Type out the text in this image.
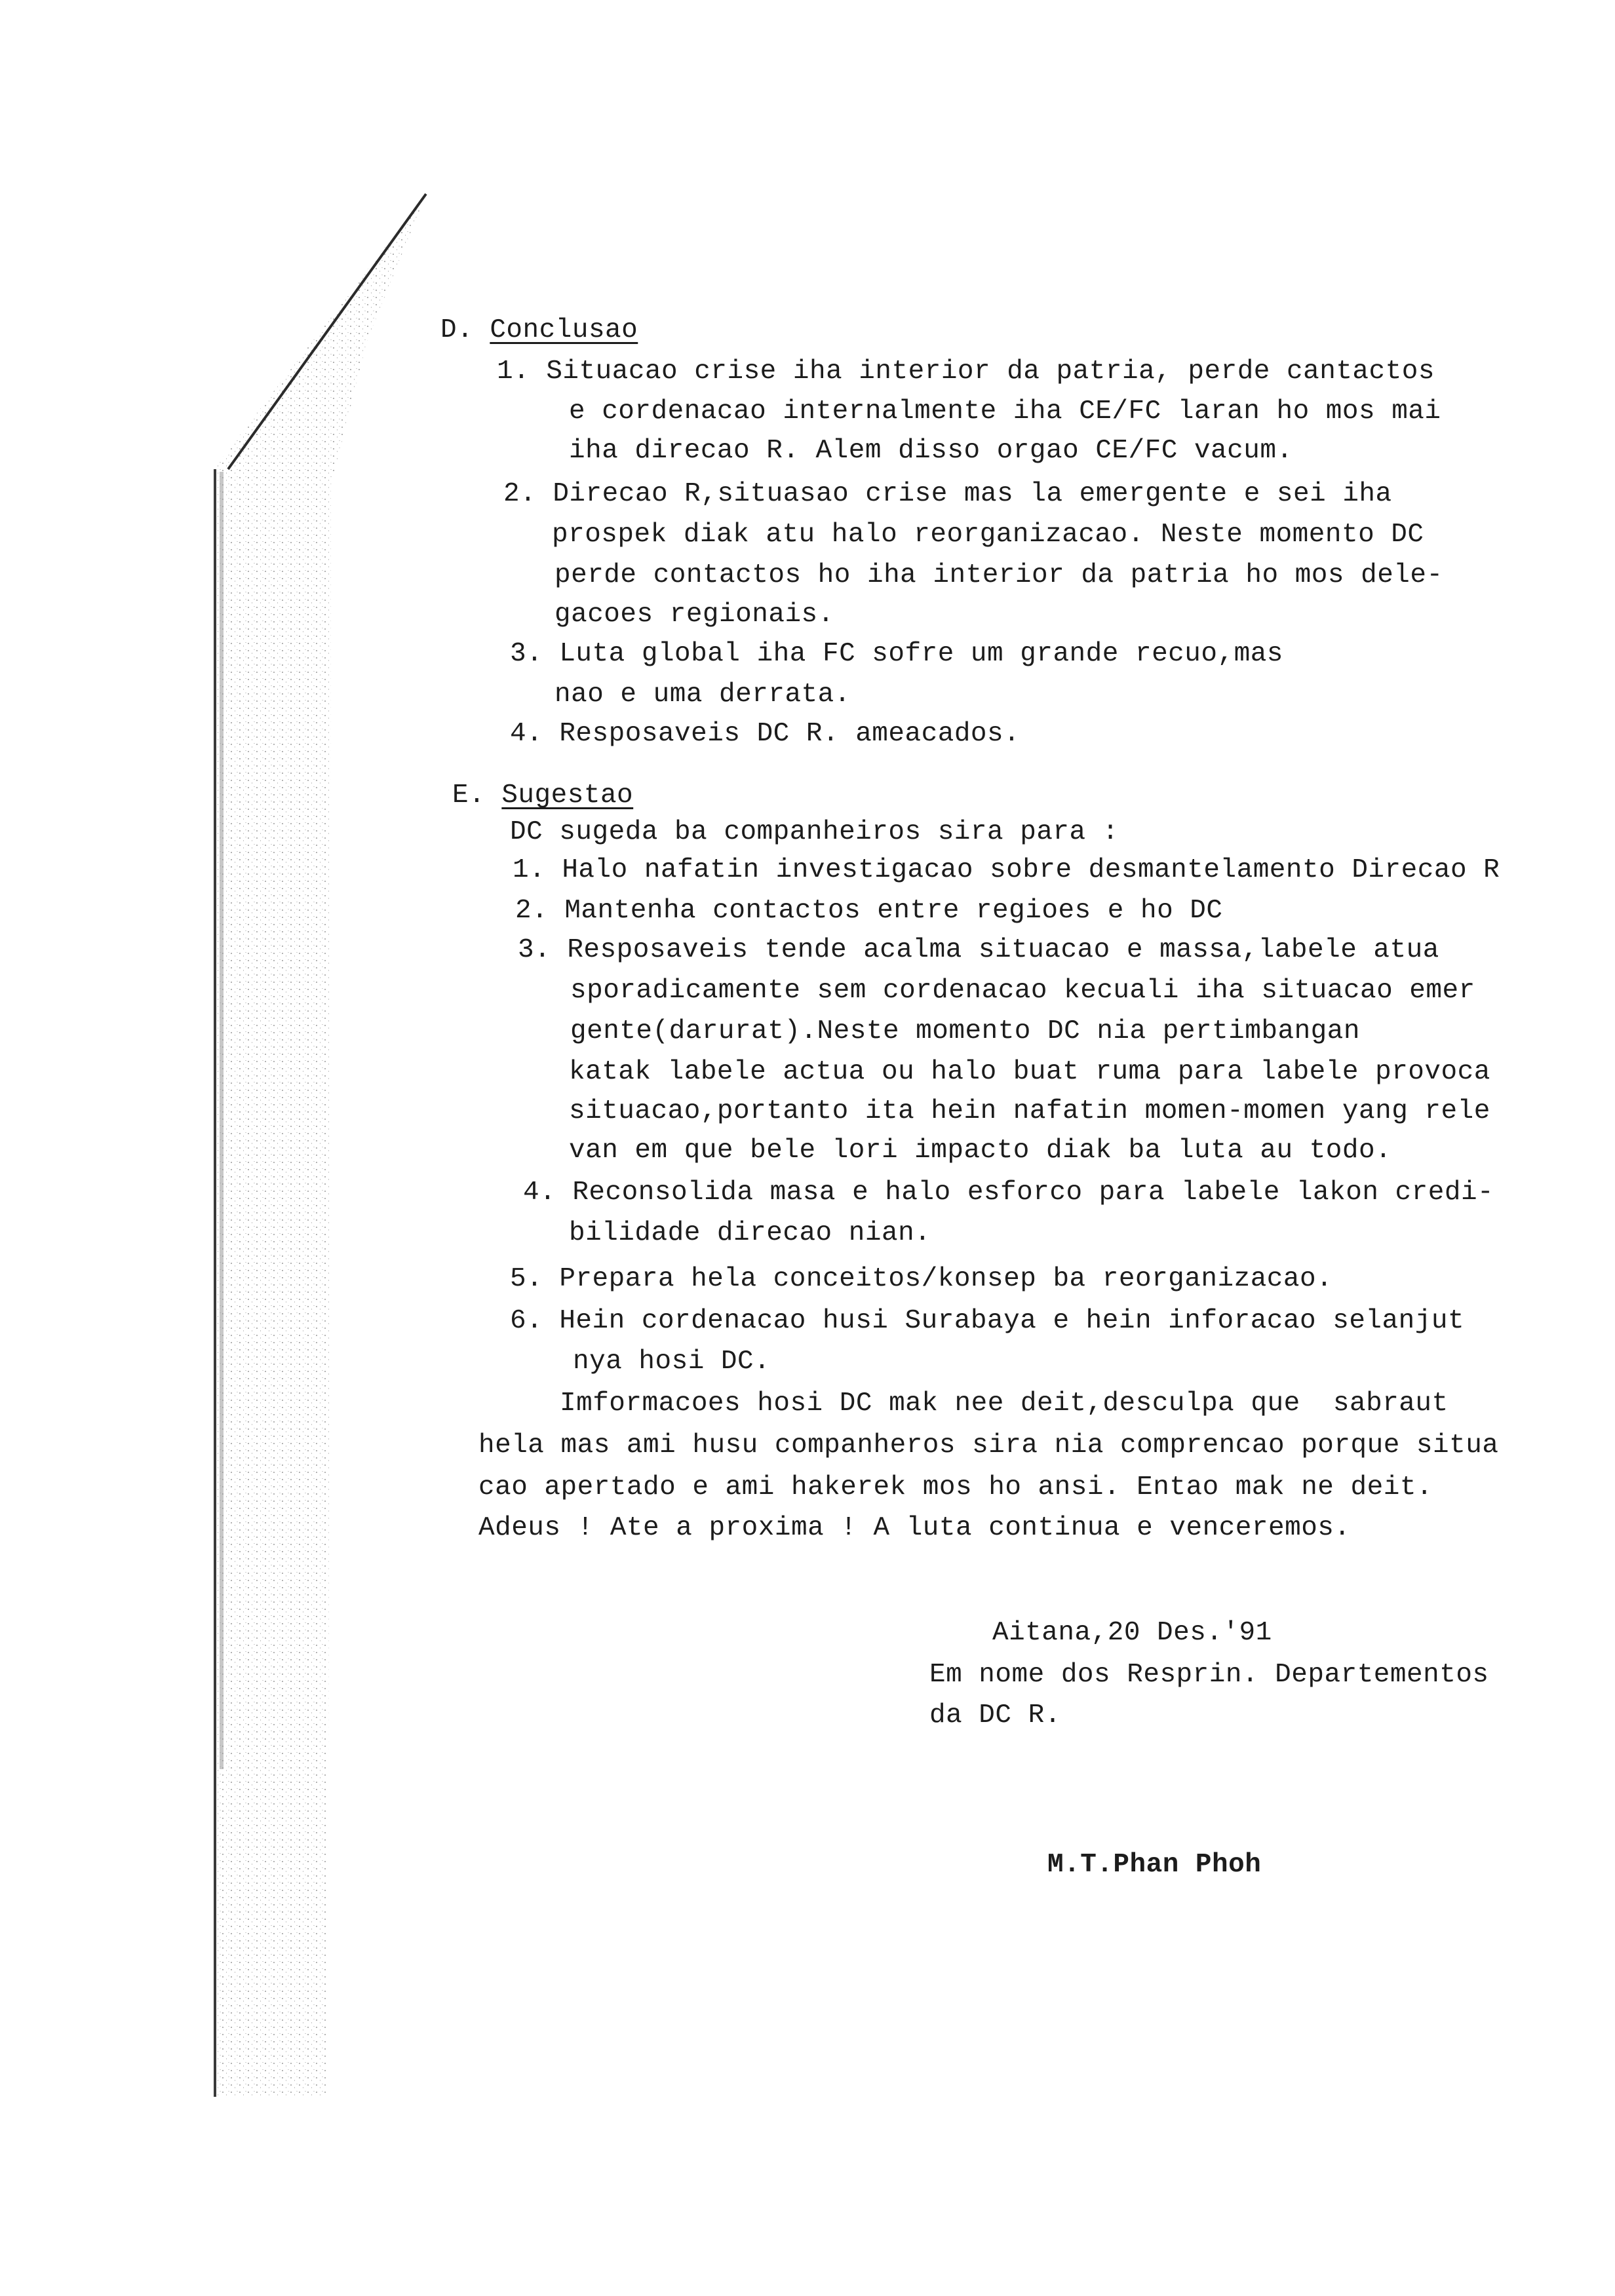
D. Conclusao
1. Situacao crise iha interior da patria, perde cantactos
e cordenacao internalmente iha CE/FC laran ho mos mai
iha direcao R. Alem disso orgao CE/FC vacum.
2. Direcao R,situasao crise mas la emergente e sei iha
prospek diak atu halo reorganizacao. Neste momento DC
perde contactos ho iha interior da patria ho mos dele-
gacoes regionais.
3. Luta global iha FC sofre um grande recuo,mas
nao e uma derrata.
4. Resposaveis DC R. ameacados.
E. Sugestao
DC sugeda ba companheiros sira para :
1. Halo nafatin investigacao sobre desmantelamento Direcao R
2. Mantenha contactos entre regioes e ho DC
3. Resposaveis tende acalma situacao e massa,labele atua
sporadicamente sem cordenacao kecuali iha situacao emer
gente(darurat).Neste momento DC nia pertimbangan
katak labele actua ou halo buat ruma para labele provoca
situacao,portanto ita hein nafatin momen-momen yang rele
van em que bele lori impacto diak ba luta au todo.
4. Reconsolida masa e halo esforco para labele lakon credi-
bilidade direcao nian.
5. Prepara hela conceitos/konsep ba reorganizacao.
6. Hein cordenacao husi Surabaya e hein inforacao selanjut
nya hosi DC.
Imformacoes hosi DC mak nee deit,desculpa que  sabraut
hela mas ami husu companheros sira nia comprencao porque situa
cao apertado e ami hakerek mos ho ansi. Entao mak ne deit.
Adeus ! Ate a proxima ! A luta continua e venceremos.
Aitana,20 Des.'91
Em nome dos Resprin. Departementos
da DC R.
M.T.Phan Phoh
